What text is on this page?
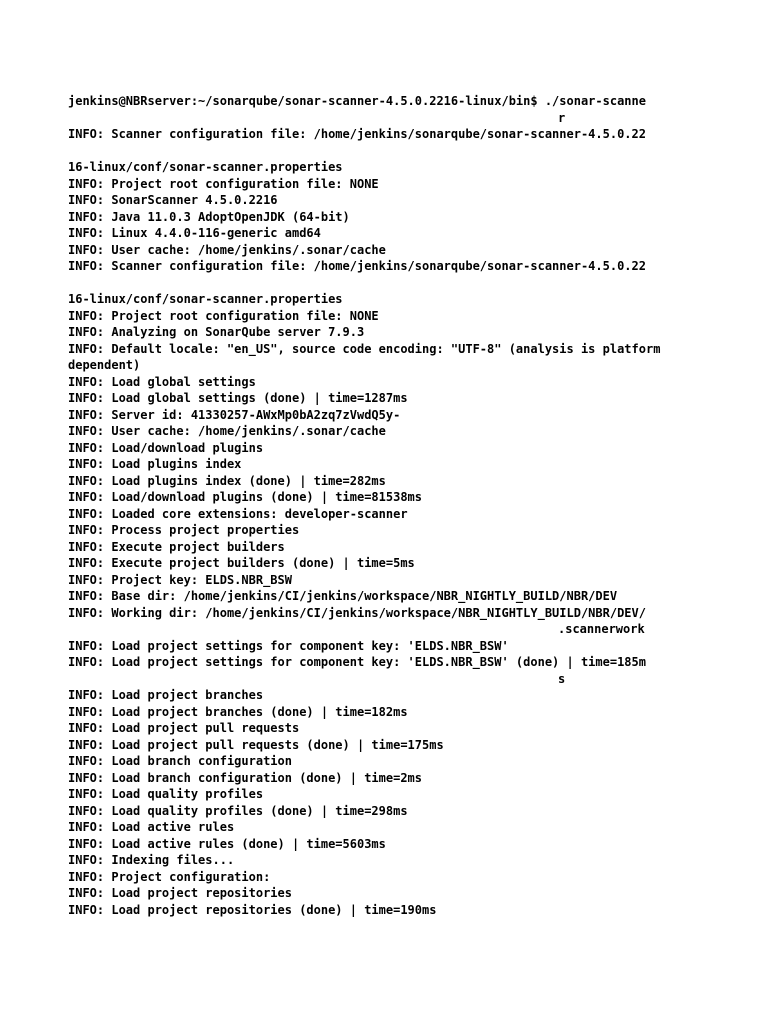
jenkins@NBRserver:~/sonarqube/sonar-scanner-4.5.0.2216-linux/bin$ ./sonar-scanne
r
INFO: Scanner configuration file: /home/jenkins/sonarqube/sonar-scanner-4.5.0.22
16-linux/conf/sonar-scanner.properties
INFO: Project root configuration file: NONE
INFO: SonarScanner 4.5.0.2216
INFO: Java 11.0.3 AdoptOpenJDK (64-bit)
INFO: Linux 4.4.0-116-generic amd64
INFO: User cache: /home/jenkins/.sonar/cache
INFO: Scanner configuration file: /home/jenkins/sonarqube/sonar-scanner-4.5.0.22
16-linux/conf/sonar-scanner.properties
INFO: Project root configuration file: NONE
INFO: Analyzing on SonarQube server 7.9.3
INFO: Default locale: "en_US", source code encoding: "UTF-8" (analysis is platform
dependent)
INFO: Load global settings
INFO: Load global settings (done) | time=1287ms
INFO: Server id: 41330257-AWxMp0bA2zq7zVwdQ5y-
INFO: User cache: /home/jenkins/.sonar/cache
INFO: Load/download plugins
INFO: Load plugins index
INFO: Load plugins index (done) | time=282ms
INFO: Load/download plugins (done) | time=81538ms
INFO: Loaded core extensions: developer-scanner
INFO: Process project properties
INFO: Execute project builders
INFO: Execute project builders (done) | time=5ms
INFO: Project key: ELDS.NBR_BSW
INFO: Base dir: /home/jenkins/CI/jenkins/workspace/NBR_NIGHTLY_BUILD/NBR/DEV
INFO: Working dir: /home/jenkins/CI/jenkins/workspace/NBR_NIGHTLY_BUILD/NBR/DEV/
.scannerwork
INFO: Load project settings for component key: 'ELDS.NBR_BSW'
INFO: Load project settings for component key: 'ELDS.NBR_BSW' (done) | time=185m
s
INFO: Load project branches
INFO: Load project branches (done) | time=182ms
INFO: Load project pull requests
INFO: Load project pull requests (done) | time=175ms
INFO: Load branch configuration
INFO: Load branch configuration (done) | time=2ms
INFO: Load quality profiles
INFO: Load quality profiles (done) | time=298ms
INFO: Load active rules
INFO: Load active rules (done) | time=5603ms
INFO: Indexing files...
INFO: Project configuration:
INFO: Load project repositories
INFO: Load project repositories (done) | time=190ms
